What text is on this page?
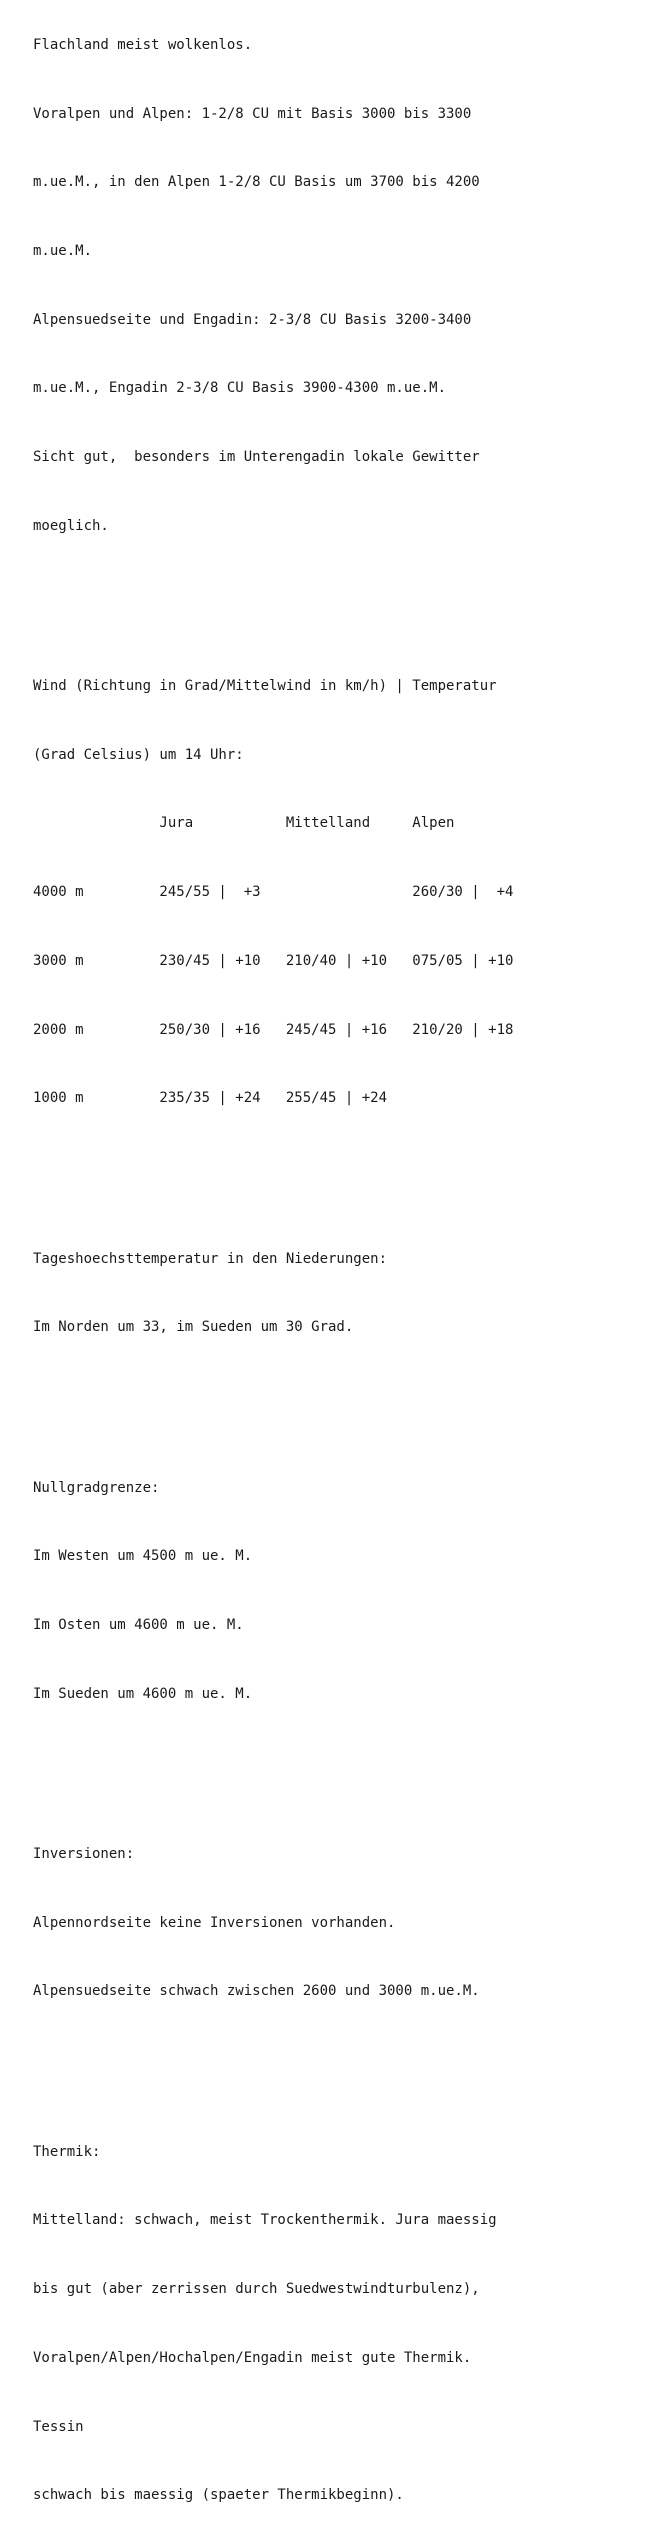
Flachland meist wolkenlos.

Voralpen und Alpen: 1-2/8 CU mit Basis 3000 bis 3300

m.ue.M., in den Alpen 1-2/8 CU Basis um 3700 bis 4200

m.ue.M.

Alpensuedseite und Engadin: 2-3/8 CU Basis 3200-3400

m.ue.M., Engadin 2-3/8 CU Basis 3900-4300 m.ue.M.

Sicht gut,  besonders im Unterengadin lokale Gewitter

moeglich.

Wind (Richtung in Grad/Mittelwind in km/h) | Temperatur

(Grad Celsius) um 14 Uhr:

Jura           Mittelland     Alpen

4000 m         245/55 |  +3                  260/30 |  +4

3000 m         230/45 | +10   210/40 | +10   075/05 | +10

2000 m         250/30 | +16   245/45 | +16   210/20 | +18

1000 m         235/35 | +24   255/45 | +24

Tageshoechsttemperatur in den Niederungen:

Im Norden um 33, im Sueden um 30 Grad.

Nullgradgrenze:

Im Westen um 4500 m ue. M.

Im Osten um 4600 m ue. M.

Im Sueden um 4600 m ue. M.

Inversionen:

Alpennordseite keine Inversionen vorhanden.

Alpensuedseite schwach zwischen 2600 und 3000 m.ue.M.

Thermik:

Mittelland: schwach, meist Trockenthermik. Jura maessig

bis gut (aber zerrissen durch Suedwestwindturbulenz),

Voralpen/Alpen/Hochalpen/Engadin meist gute Thermik.

Tessin

schwach bis maessig (spaeter Thermikbeginn).
